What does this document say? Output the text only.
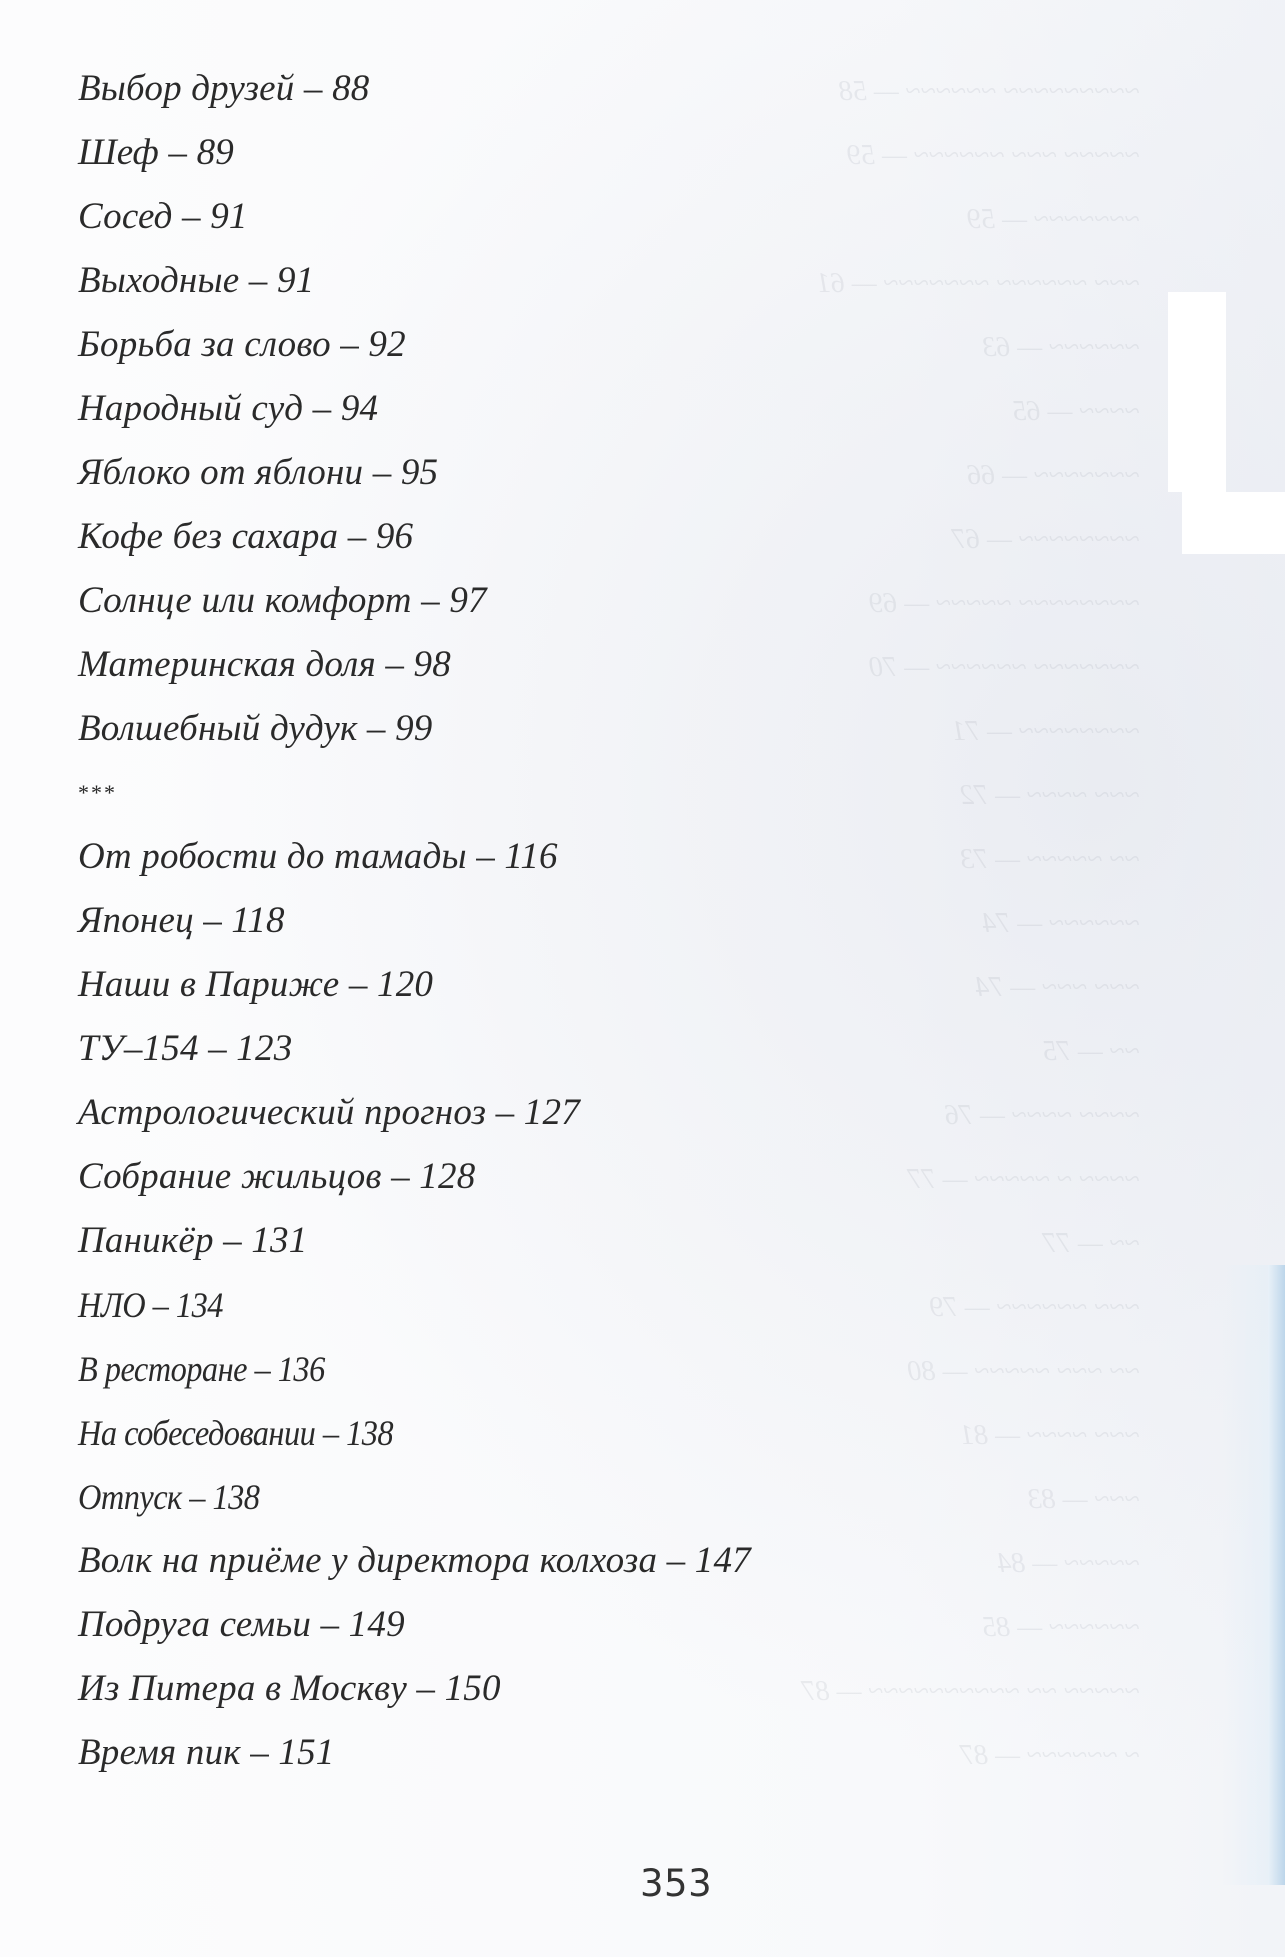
~~~~~~~~~ ~~~~~~ — 58
~~~~~ ~~~ ~~~~~~ — 59
~~~~~~~ — 59
~~~ ~~~~~~ ~~~~~~~ — 61
~~~~~~ — 63
~~~~ — 65
~~~~~~~ — 66
~~~~~~~~ — 67
~~~~~~~~ ~~~~~ — 69
~~~~~~~ ~~~~~~ — 70
~~~~~~~~ — 71
~~~ ~~~~ — 72
~~ ~~~~~ — 73
~~~~~~ — 74
~~~ ~~~ — 74
~~ — 75
~~~~ ~~~~ — 76
~~~~ ~ ~~~~~ — 77
~~ — 77
~~~ ~~~~~~ — 79
~~ ~~~ ~~~~~ — 80
~~~ ~~~~ — 81
~~~ — 83
~~~~~ — 84
~~~~~~ — 85
~~~~~ ~~ ~~~~~~~~~~ — 87
~ ~~~~~~ — 87
Выбор друзей – 88
Шеф – 89
Сосед – 91
Выходные – 91
Борьба за слово – 92
Народный суд – 94
Яблоко от яблони – 95
Кофе без сахара – 96
Солнце или комфорт – 97
Материнская доля – 98
Волшебный дудук – 99
***
От робости до тамады – 116
Японец – 118
Наши в Париже – 120
ТУ–154 – 123
Астрологический прогноз – 127
Собрание жильцов – 128
Паникёр – 131
НЛО – 134
В ресторане – 136
На собеседовании – 138
Отпуск – 138
Волк на приёме у директора колхоза – 147
Подруга семьи – 149
Из Питера в Москву – 150
Время пик – 151
353
